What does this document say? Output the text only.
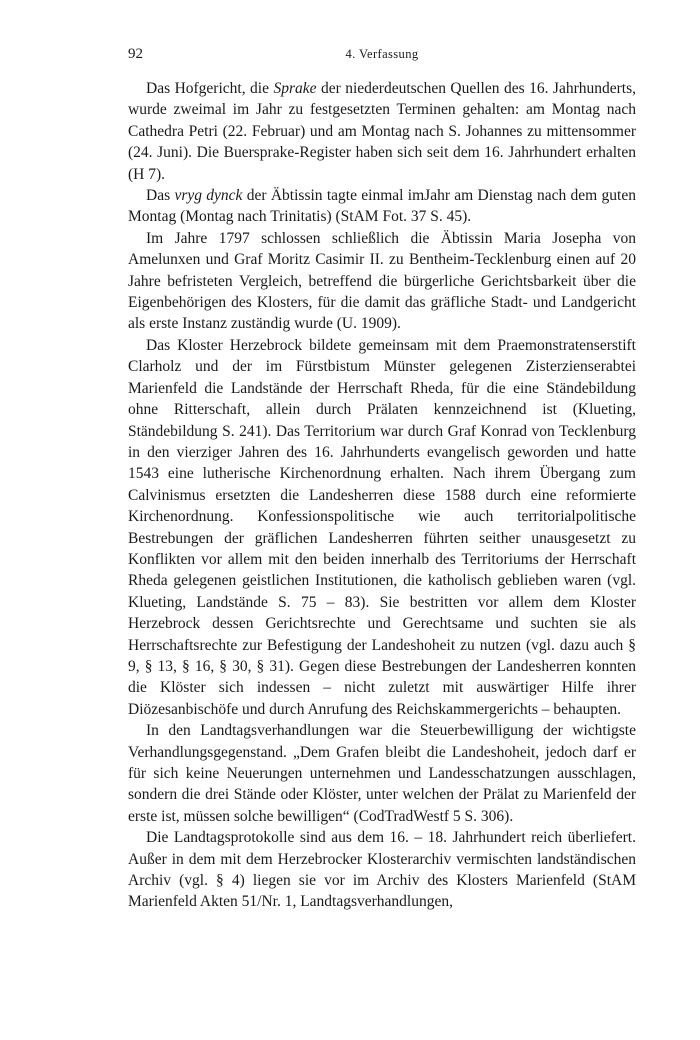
92	4. Verfassung

Das Hofgericht, die Sprake der niederdeutschen Quellen des 16. Jahrhunderts, wurde zweimal im Jahr zu festgesetzten Terminen gehalten: am Montag nach Cathedra Petri (22. Februar) und am Montag nach S. Johannes zu mittensommer (24. Juni). Die Buersprake-Register haben sich seit dem 16. Jahrhundert erhalten (H 7).

Das vryg dynck der Äbtissin tagte einmal imJahr am Dienstag nach dem guten Montag (Montag nach Trinitatis) (StAM Fot. 37 S. 45).

Im Jahre 1797 schlossen schließlich die Äbtissin Maria Josepha von Amelunxen und Graf Moritz Casimir II. zu Bentheim-Tecklenburg einen auf 20 Jahre befristeten Vergleich, betreffend die bürgerliche Gerichtsbarkeit über die Eigenbehörigen des Klosters, für die damit das gräfliche Stadt- und Landgericht als erste Instanz zuständig wurde (U. 1909).

Das Kloster Herzebrock bildete gemeinsam mit dem Praemonstratenserstift Clarholz und der im Fürstbistum Münster gelegenen Zisterzienserabtei Marienfeld die Landstände der Herrschaft Rheda, für die eine Ständebildung ohne Ritterschaft, allein durch Prälaten kennzeichnend ist (Klueting, Ständebildung S. 241). Das Territorium war durch Graf Konrad von Tecklenburg in den vierziger Jahren des 16. Jahrhunderts evangelisch geworden und hatte 1543 eine lutherische Kirchenordnung erhalten. Nach ihrem Übergang zum Calvinismus ersetzten die Landesherren diese 1588 durch eine reformierte Kirchenordnung. Konfessionspolitische wie auch territorialpolitische Bestrebungen der gräflichen Landesherren führten seither unausgesetzt zu Konflikten vor allem mit den beiden innerhalb des Territoriums der Herrschaft Rheda gelegenen geistlichen Institutionen, die katholisch geblieben waren (vgl. Klueting, Landstände S. 75 – 83). Sie bestritten vor allem dem Kloster Herzebrock dessen Gerichtsrechte und Gerechtsame und suchten sie als Herrschaftsrechte zur Befestigung der Landeshoheit zu nutzen (vgl. dazu auch § 9, § 13, § 16, § 30, § 31). Gegen diese Bestrebungen der Landesherren konnten die Klöster sich indessen – nicht zuletzt mit auswärtiger Hilfe ihrer Diözesanbischöfe und durch Anrufung des Reichskammergerichts – behaupten.

In den Landtagsverhandlungen war die Steuerbewilligung der wichtigste Verhandlungsgegenstand. „Dem Grafen bleibt die Landeshoheit, jedoch darf er für sich keine Neuerungen unternehmen und Landesschatzungen ausschlagen, sondern die drei Stände oder Klöster, unter welchen der Prälat zu Marienfeld der erste ist, müssen solche bewilligen“ (CodTradWestf 5 S. 306).

Die Landtagsprotokolle sind aus dem 16. – 18. Jahrhundert reich überliefert. Außer in dem mit dem Herzebrocker Klosterarchiv vermischten landständischen Archiv (vgl. § 4) liegen sie vor im Archiv des Klosters Marienfeld (StAM Marienfeld Akten 51/Nr. 1, Landtagsverhandlungen,
